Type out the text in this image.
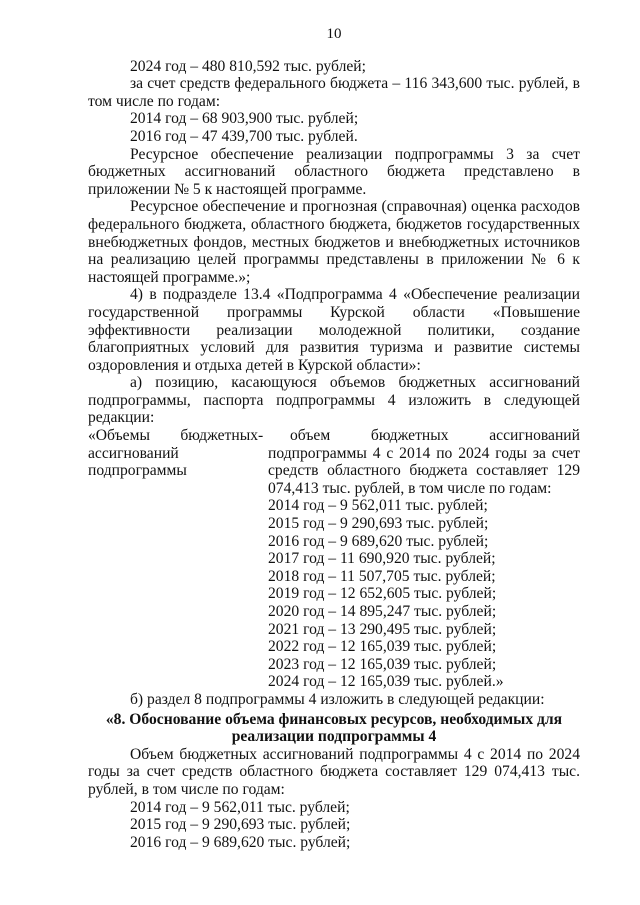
10

2024 год – 480 810,592 тыс. рублей;

за счет средств федерального бюджета – 116 343,600 тыс. рублей, в том числе по годам:

2014 год – 68 903,900 тыс. рублей;

2016 год – 47 439,700 тыс. рублей.

Ресурсное обеспечение реализации подпрограммы 3 за счет бюджетных ассигнований областного бюджета представлено в приложении № 5 к настоящей программе.

Ресурсное обеспечение и прогнозная (справочная) оценка расходов федерального бюджета, областного бюджета, бюджетов государственных внебюджетных фондов, местных бюджетов и внебюджетных источников на реализацию целей программы представлены в приложении № 6 к настоящей программе.»;

4) в подразделе 13.4 «Подпрограмма 4 «Обеспечение реализации государственной программы Курской области «Повышение эффективности реализации молодежной политики, создание благоприятных условий для развития туризма и развитие системы оздоровления и отдыха детей в Курской области»:

а) позицию, касающуюся объемов бюджетных ассигнований подпрограммы, паспорта подпрограммы 4 изложить в следующей редакции:

«Объемы бюджетных ассигнований подпрограммы
-	объем бюджетных ассигнований подпрограммы 4 с 2014 по 2024 годы за счет средств областного бюджета составляет 129 074,413 тыс. рублей, в том числе по годам:

2014 год – 9 562,011 тыс. рублей;

2015 год – 9 290,693 тыс. рублей;

2016 год – 9 689,620 тыс. рублей;

2017 год – 11 690,920 тыс. рублей;

2018 год – 11 507,705 тыс. рублей;

2019 год – 12 652,605 тыс. рублей;

2020 год – 14 895,247 тыс. рублей;

2021 год – 13 290,495 тыс. рублей;

2022 год – 12 165,039 тыс. рублей;

2023 год – 12 165,039 тыс. рублей;

2024 год – 12 165,039 тыс. рублей.»

б) раздел 8 подпрограммы 4 изложить в следующей редакции:

«8. Обоснование объема финансовых ресурсов, необходимых для реализации подпрограммы 4

Объем бюджетных ассигнований подпрограммы 4 с 2014 по 2024 годы за счет средств областного бюджета составляет 129 074,413 тыс. рублей, в том числе по годам:

2014 год – 9 562,011 тыс. рублей;

2015 год – 9 290,693 тыс. рублей;

2016 год – 9 689,620 тыс. рублей;
